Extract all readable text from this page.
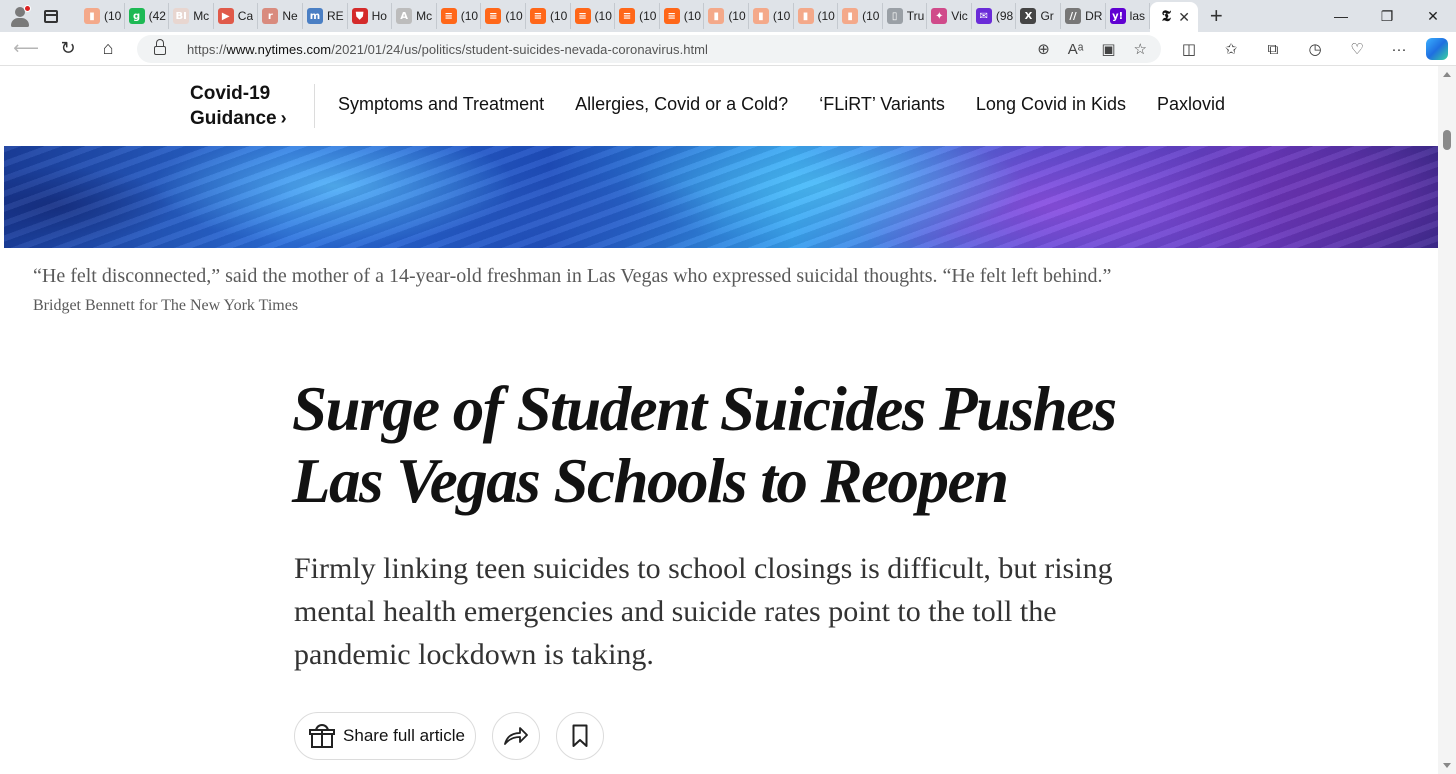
▮ (10	g (42 BI Mc	▶ Ca	r Ne m RE	⛊ Ho	A Mc	≡ (10	≡ (10	≡ (10	≡ (10	≡ (10	≡ (10	▮ (10	▮ (10	▮ (10	▮ (10	▯ Tru	✦ Vic	✉ (98	X Gr	// DR y! las 𝕿 ✕ +	—	❐	✕
⟵	↻	⌂	https://www.nytimes.com/2021/01/24/us/politics/student-suicides-nevada-coronavirus.html	⊕ Aᵃ ▣ ☆	◫	✩	⧉	◷	♡	···
Covid-19
Guidance ›
Symptoms and Treatment Allergies, Covid or a Cold? ‘FLiRT’ Variants Long Covid in Kids Paxlovid
“He felt disconnected,” said the mother of a 14-year-old freshman in Las Vegas who expressed suicidal thoughts. “He felt left behind.”
Bridget Bennett for The New York Times
Surge of Student Suicides Pushes Las Vegas Schools to Reopen

Firmly linking teen suicides to school closings is difficult, but rising mental health emergencies and suicide rates point to the toll the pandemic lockdown is taking.

Share full article
